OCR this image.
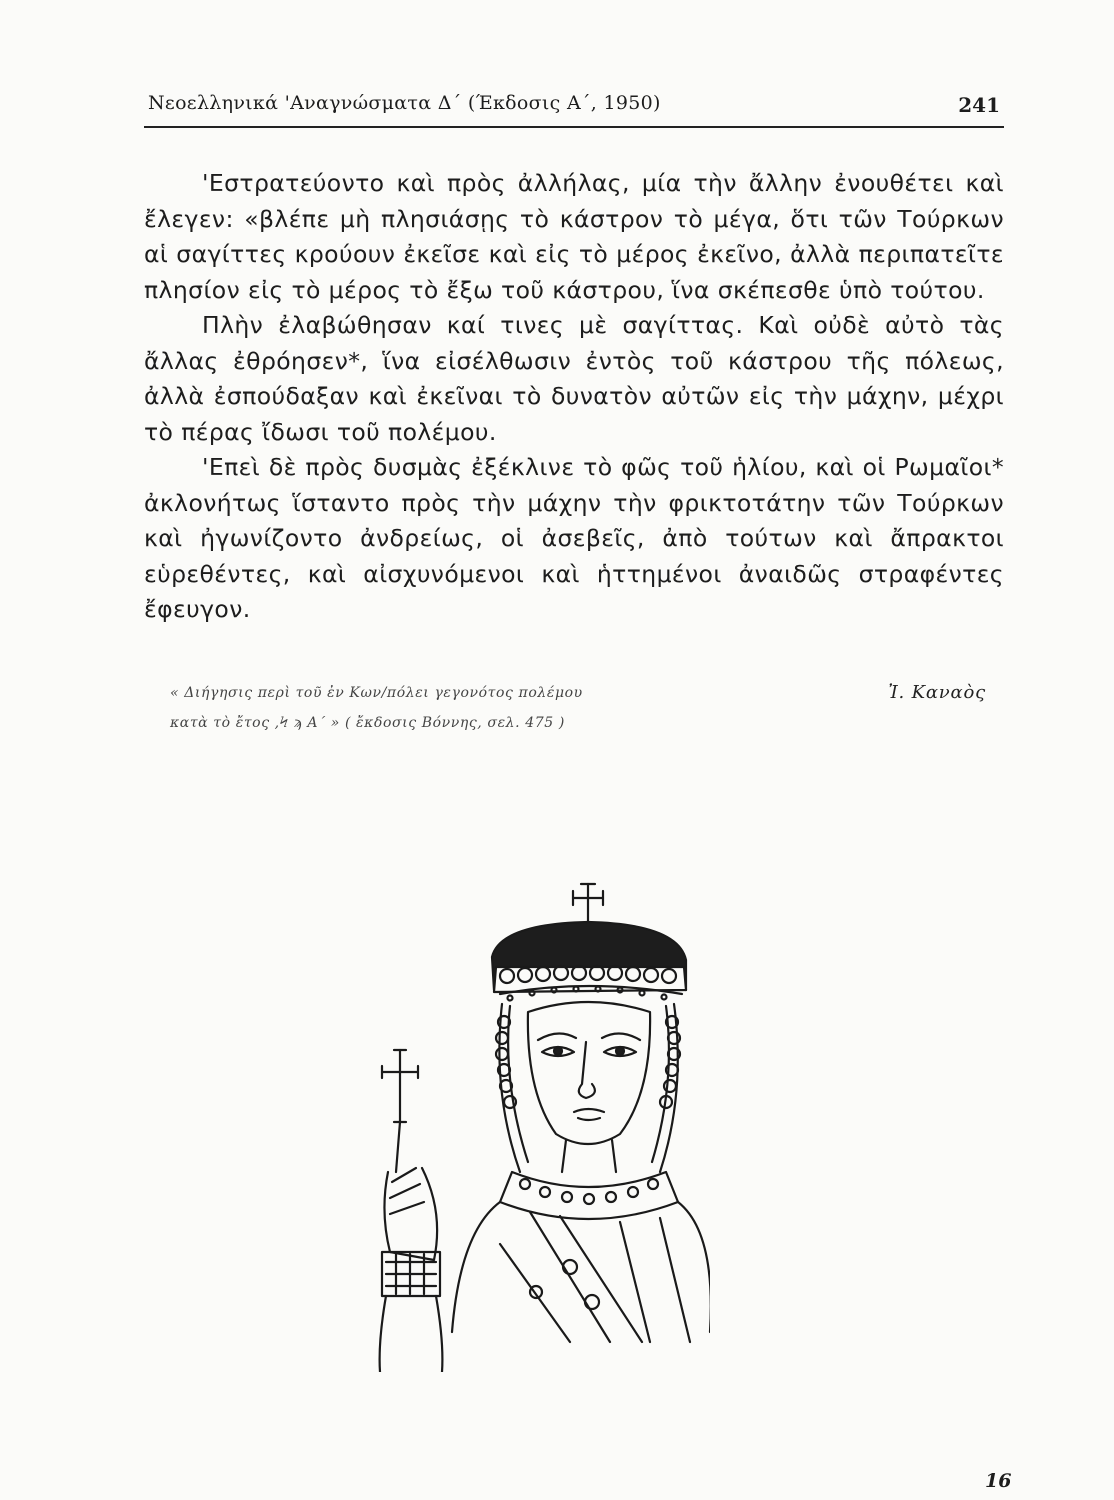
Νεοελληνικά 'Αναγνώσματα Δ΄ (Έκδοσις Α΄, 1950)	241

'Εστρατεύοντο καὶ πρὸς ἀλλήλας, μία τὴν ἄλλην ἐνουθέτει καὶ ἔλεγεν: «βλέπε μὴ πλησιάσῃς τὸ κάστρον τὸ μέγα, ὅτι τῶν Τούρκων αἱ σαγίττες κρούουν ἐκεῖσε καὶ εἰς τὸ μέρος ἐκεῖνο, ἀλλὰ περιπατεῖτε πλησίον εἰς τὸ μέρος τὸ ἔξω τοῦ κάστρου, ἵνα σκέπεσθε ὑπὸ τούτου.

Πλὴν ἐλαβώθησαν καί τινες μὲ σαγίττας. Καὶ οὐδὲ αὐτὸ τὰς ἄλλας ἐθρόησεν*, ἵνα εἰσέλθωσιν ἐντὸς τοῦ κάστρου τῆς πόλεως, ἀλλὰ ἐσπούδαξαν καὶ ἐκεῖναι τὸ δυνατὸν αὐτῶν εἰς τὴν μάχην, μέχρι τὸ πέρας ἴδωσι τοῦ πολέμου.

'Επεὶ δὲ πρὸς δυσμὰς ἐξέκλινε τὸ φῶς τοῦ ἡλίου, καὶ οἱ Ρωμαῖοι* ἀκλονήτως ἵσταντο πρὸς τὴν μάχην τὴν φρικτοτάτην τῶν Τούρκων καὶ ἠγωνίζοντο ἀνδρείως, οἱ ἀσεβεῖς, ἀπὸ τούτων καὶ ἄπρακτοι εὑρεθέντες, καὶ αἰσχυνόμενοι καὶ ἡττημένοι ἀναιδῶς στραφέντες ἔφευγον.

« Διήγησις περὶ τοῦ ἐν Κων/πόλει γεγονότος πολέμου
κατὰ τὸ ἔτος ,Ϟ ϡ Α΄ » ( ἔκδοσις Βόννης, σελ. 475 )
Ἰ. Καναὸς
16
